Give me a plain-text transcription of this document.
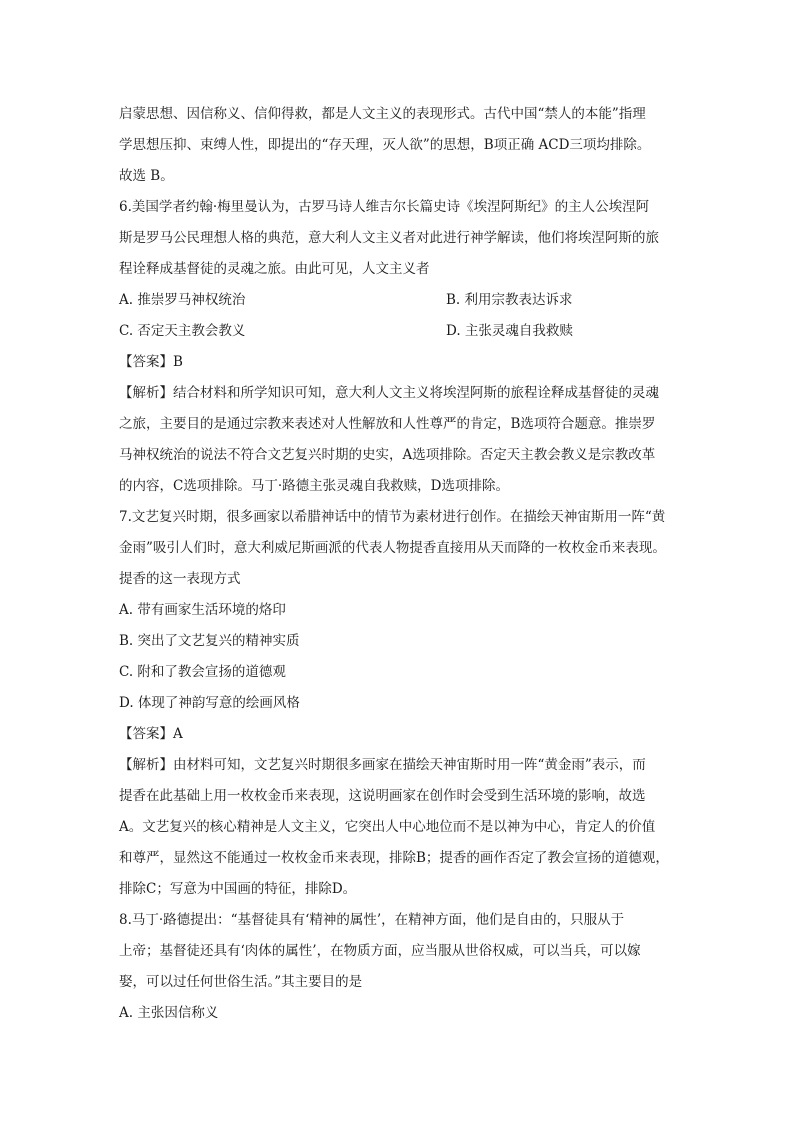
启蒙思想、因信称义、信仰得救，都是人文主义的表现形式。古代中国“禁人的本能”指理
学思想压抑、束缚人性，即提出的“存天理，灭人欲”的思想，B项正确 ACD三项均排除。
故选 B。
6.美国学者约翰·梅里曼认为，古罗马诗人维吉尔长篇史诗《埃涅阿斯纪》的主人公埃涅阿
斯是罗马公民理想人格的典范，意大利人文主义者对此进行神学解读，他们将埃涅阿斯的旅
程诠释成基督徒的灵魂之旅。由此可见，人文主义者
A. 推崇罗马神权统治	B. 利用宗教表达诉求
C. 否定天主教会教义	D. 主张灵魂自我救赎
【答案】B
【解析】结合材料和所学知识可知，意大利人文主义将埃涅阿斯的旅程诠释成基督徒的灵魂
之旅，主要目的是通过宗教来表述对人性解放和人性尊严的肯定，B选项符合题意。推崇罗
马神权统治的说法不符合文艺复兴时期的史实，A选项排除。否定天主教会教义是宗教改革
的内容，C选项排除。马丁·路德主张灵魂自我救赎，D选项排除。
7.文艺复兴时期，很多画家以希腊神话中的情节为素材进行创作。在描绘天神宙斯用一阵“黄
金雨”吸引人们时，意大利威尼斯画派的代表人物提香直接用从天而降的一枚枚金币来表现。
提香的这一表现方式
A. 带有画家生活环境的烙印
B. 突出了文艺复兴的精神实质
C. 附和了教会宣扬的道德观
D. 体现了神韵写意的绘画风格
【答案】A
【解析】由材料可知，文艺复兴时期很多画家在描绘天神宙斯时用一阵“黄金雨”表示，而
提香在此基础上用一枚枚金币来表现，这说明画家在创作时会受到生活环境的影响，故选
A。文艺复兴的核心精神是人文主义，它突出人中心地位而不是以神为中心，肯定人的价值
和尊严，显然这不能通过一枚枚金币来表现，排除B；提香的画作否定了教会宣扬的道德观，
排除C；写意为中国画的特征，排除D。
8.马丁·路德提出：“基督徒具有‘精神的属性’，在精神方面，他们是自由的，只服从于
上帝；基督徒还具有‘肉体的属性’，在物质方面，应当服从世俗权威，可以当兵，可以嫁
娶，可以过任何世俗生活。”其主要目的是
A. 主张因信称义
